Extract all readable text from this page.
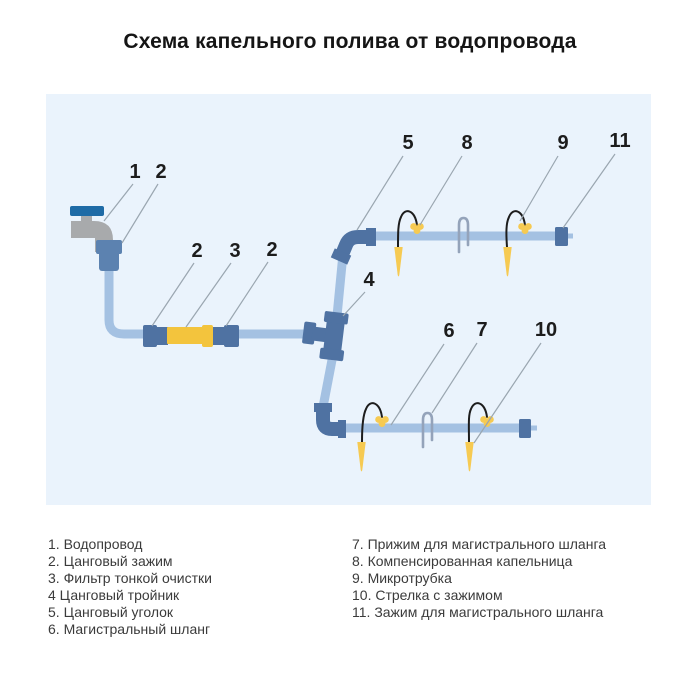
Схема капельного полива от водопровода
1 2
2 3 2
4
5 8	9 11
6 7 10
1. Водопровод
2. Цанговый зажим
3. Фильтр тонкой очистки
4 Цанговый тройник
5. Цанговый уголок
6. Магистральный шланг
7. Прижим для магистрального шланга
8. Компенсированная капельница
9. Микротрубка
10. Стрелка с зажимом
11. Зажим для магистрального шланга
